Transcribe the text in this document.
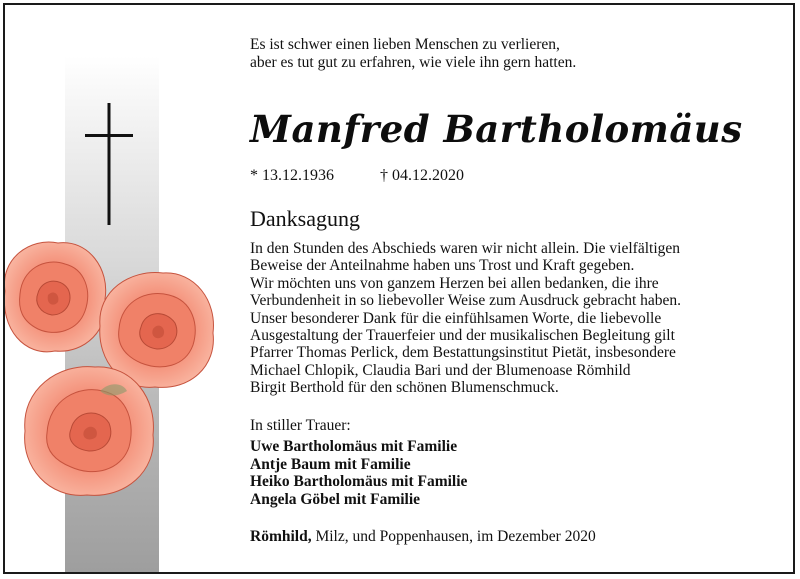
Es ist schwer einen lieben Menschen zu verlieren,
aber es tut gut zu erfahren, wie viele ihn gern hatten.
Manfred Bartholomäus
* 13.12.1936	† 04.12.2020
Danksagung
In den Stunden des Abschieds waren wir nicht allein. Die vielfältigen
Beweise der Anteilnahme haben uns Trost und Kraft gegeben.
Wir möchten uns von ganzem Herzen bei allen bedanken, die ihre
Verbundenheit in so liebevoller Weise zum Ausdruck gebracht haben.
Unser besonderer Dank für die einfühlsamen Worte, die liebevolle
Ausgestaltung der Trauerfeier und der musikalischen Begleitung gilt
Pfarrer Thomas Perlick, dem Bestattungsinstitut Pietät, insbesondere
Michael Chlopik, Claudia Bari und der Blumenoase Römhild
Birgit Berthold für den schönen Blumenschmuck.
In stiller Trauer:
Uwe Bartholomäus mit Familie
Antje Baum mit Familie
Heiko Bartholomäus mit Familie
Angela Göbel mit Familie
Römhild, Milz, und Poppenhausen, im Dezember 2020
